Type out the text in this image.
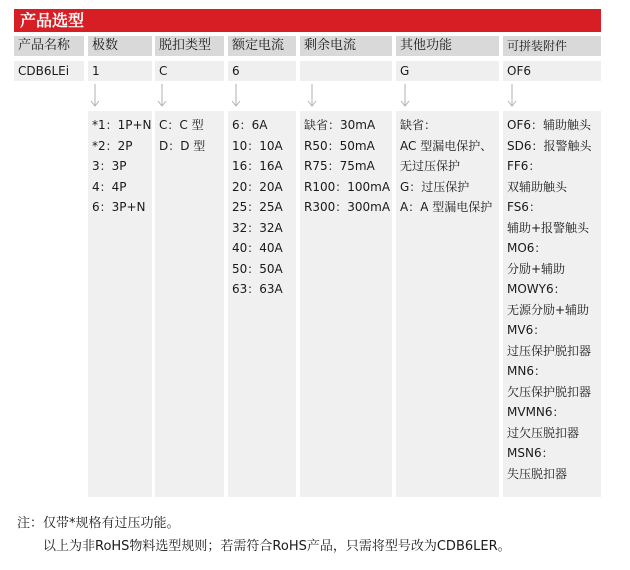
产品选型
产品名称
CDB6LEi
极数
1
*1：1P+N
*2：2P
3：3P
4：4P
6：3P+N
脱扣类型
C
C：C 型
D：D 型
额定电流
6
6：6A
10：10A
16：16A
20：20A
25：25A
32：32A
40：40A
50：50A
63：63A
剩余电流
缺省：30mA
R50：50mA
R75：75mA
R100：100mA
R300：300mA
其他功能
G
缺省：
AC 型漏电保护、
无过压保护
G：过压保护
A：A 型漏电保护
可拼装附件
OF6
OF6：辅助触头
SD6：报警触头
FF6：
双辅助触头
FS6：
辅助+报警触头
MO6：
分励+辅助
MOWY6：
无源分励+辅助
MV6：
过压保护脱扣器
MN6：
欠压保护脱扣器
MVMN6：
过欠压脱扣器
MSN6：
失压脱扣器
注：仅带*规格有过压功能。
以上为非RoHS物料选型规则；若需符合RoHS产品，只需将型号改为CDB6LER。
